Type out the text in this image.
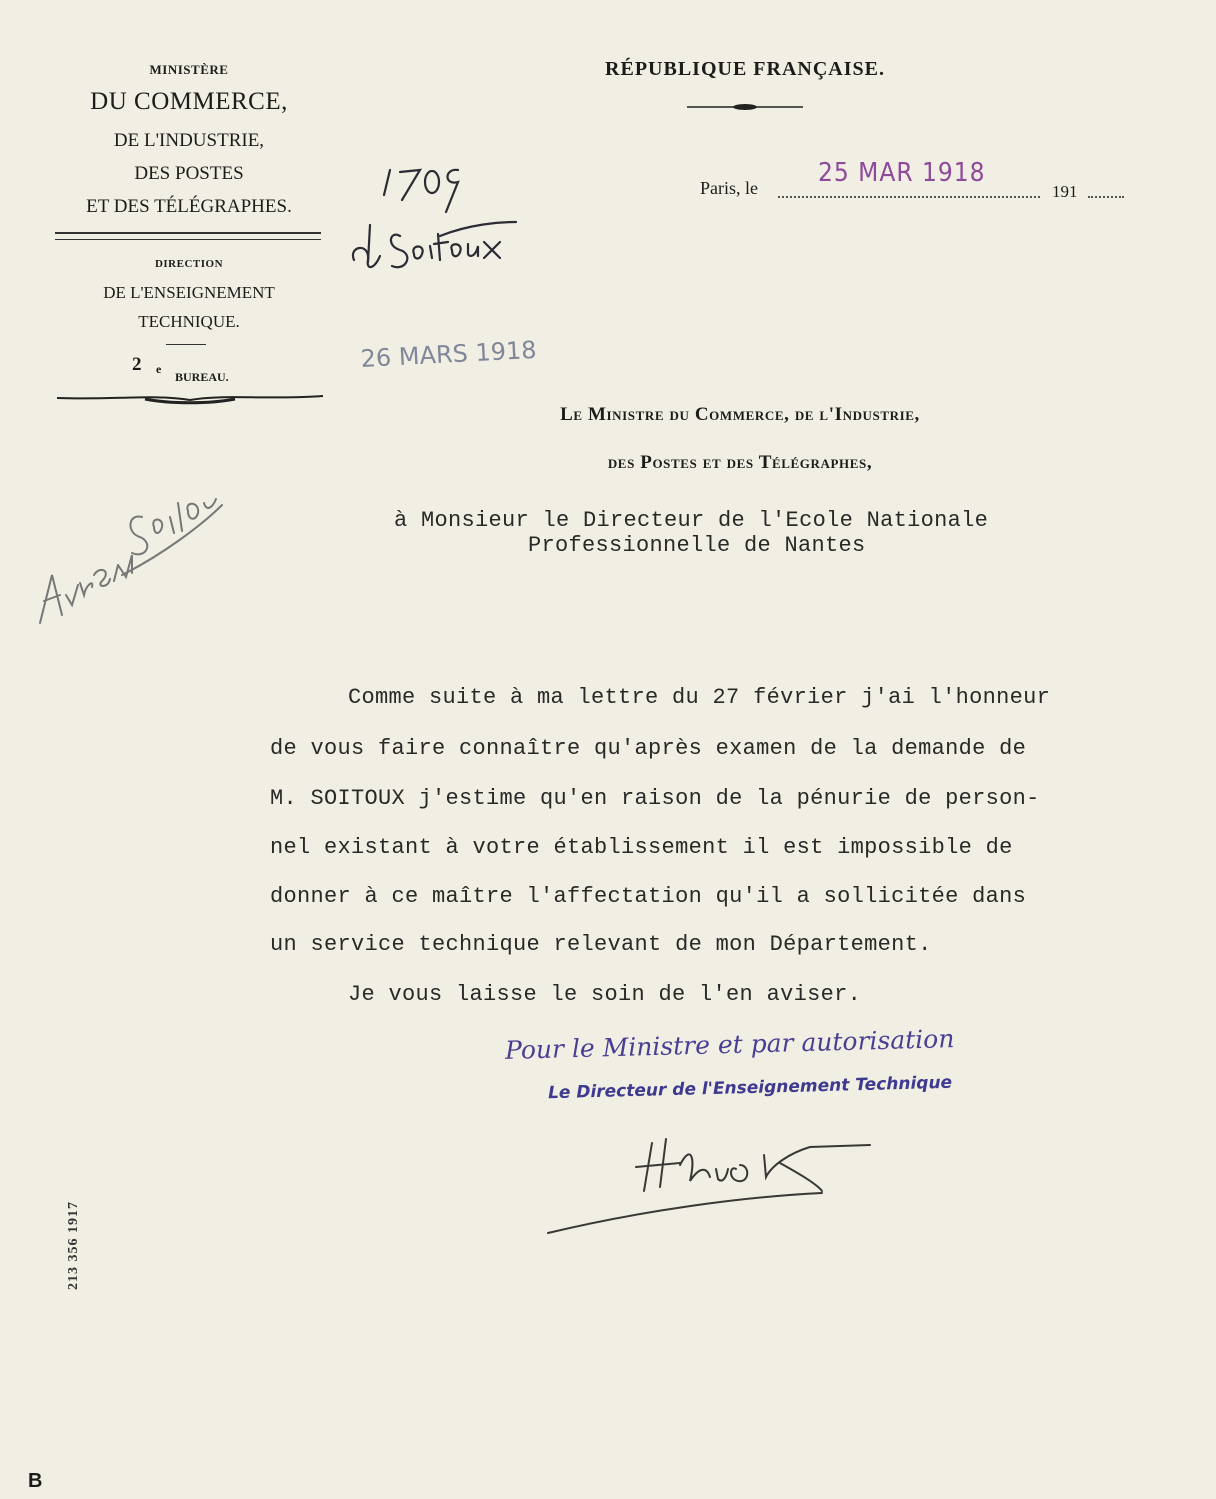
MINISTÈRE
DU COMMERCE,
DE L'INDUSTRIE,
DES POSTES
ET DES TÉLÉGRAPHES.
DIRECTION
DE L'ENSEIGNEMENT
TECHNIQUE.
2 e
BUREAU.
RÉPUBLIQUE FRANÇAISE.
Paris, le 25 MAR 1918
191
26 MARS 1918
Le Ministre du Commerce, de l'Industrie,
des Postes et des Télégraphes,
à Monsieur le Directeur de l'Ecole Nationale
Professionnelle de Nantes
Comme suite à ma lettre du 27 février j'ai l'honneur
de vous faire connaître qu'après examen de la demande de
M. SOITOUX j'estime qu'en raison de la pénurie de person-
nel existant à votre établissement il est impossible de
donner à ce maître l'affectation qu'il a sollicitée dans
un service technique relevant de mon Département.
Je vous laisse le soin de l'en aviser.
Pour le Ministre et par autorisation
Le Directeur de l'Enseignement Technique
213 356 1917
B
